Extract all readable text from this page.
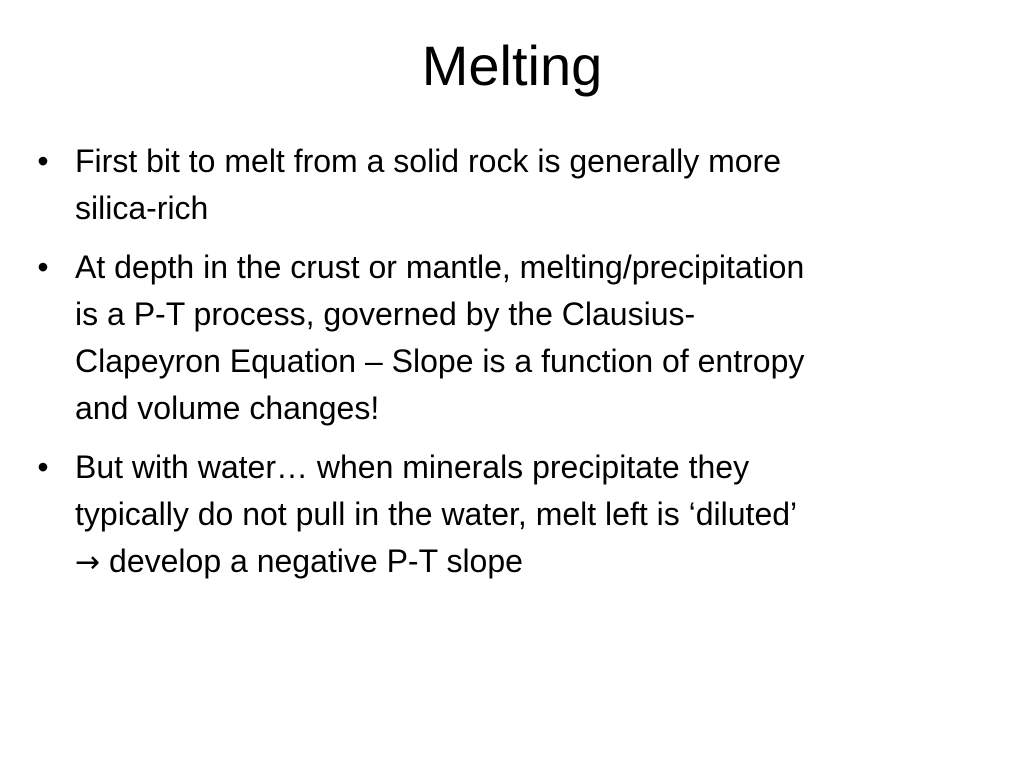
Melting
• First bit to melt from a solid rock is generally more
silica-rich
• At depth in the crust or mantle, melting/precipitation
is a P-T process, governed by the Clausius-
Clapeyron Equation – Slope is a function of entropy
and volume changes!
• But with water… when minerals precipitate they
typically do not pull in the water, melt left is ‘diluted’
→ develop a negative P-T slope
